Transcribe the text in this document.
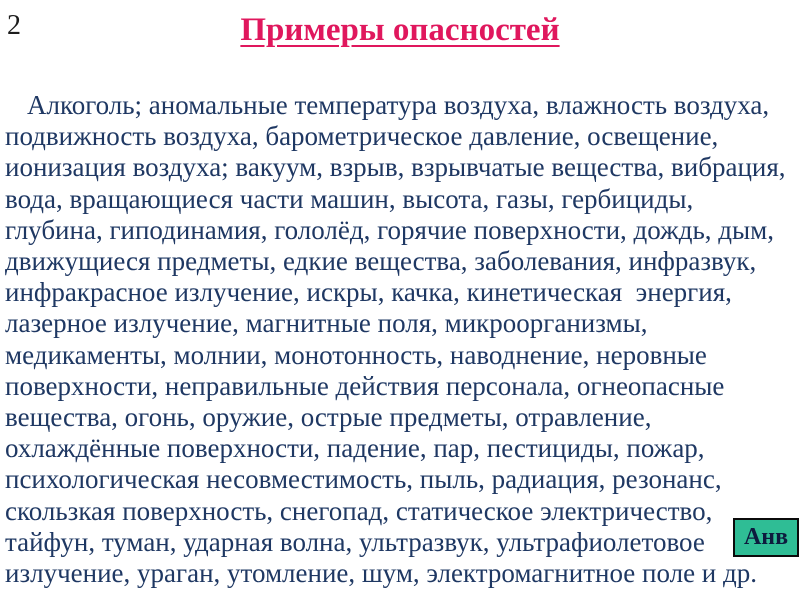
2	Примеры опасностей
Алкоголь; аномальные температура воздуха, влажность воздуха,
подвижность воздуха, барометрическое давление, освещение,
ионизация воздуха; вакуум, взрыв, взрывчатые вещества, вибрация,
вода, вращающиеся части машин, высота, газы, гербициды,
глубина, гиподинамия, гололёд, горячие поверхности, дождь, дым,
движущиеся предметы, едкие вещества, заболевания, инфразвук,
инфракрасное излучение, искры, качка, кинетическая  энергия,
лазерное излучение, магнитные поля, микроорганизмы,
медикаменты, молнии, монотонность, наводнение, неровные
поверхности, неправильные действия персонала, огнеопасные
вещества, огонь, оружие, острые предметы, отравление,
охлаждённые поверхности, падение, пар, пестициды, пожар,
психологическая несовместимость, пыль, радиация, резонанс,
скользкая поверхность, снегопад, статическое электричество,
тайфун, туман, ударная волна, ультразвук, ультрафиолетовое
излучение, ураган, утомление, шум, электромагнитное поле и др.
Анв
